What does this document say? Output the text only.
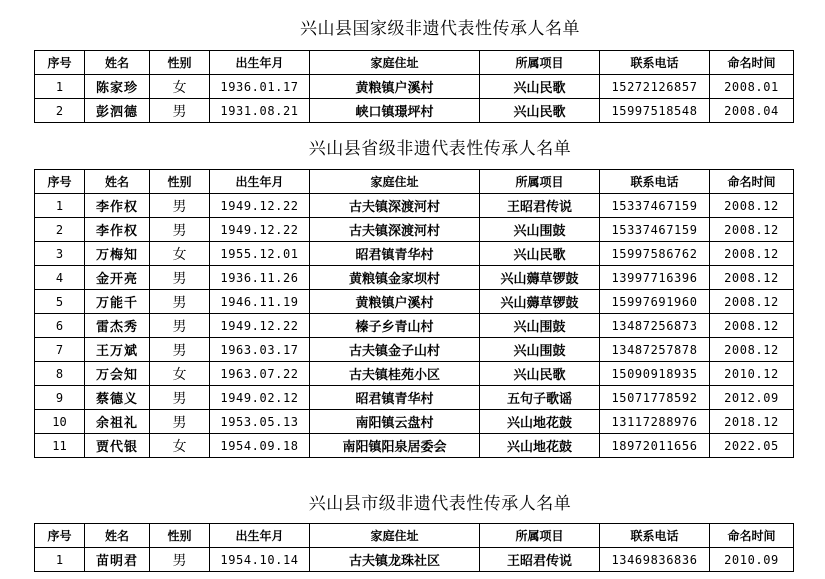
兴山县国家级非遗代表性传承人名单
序号	姓名	性别	出生年月	家庭住址	所属项目	联系电话	命名时间
1	陈家珍	女	1936.01.17	黄粮镇户溪村	兴山民歌	15272126857	2008.01
2	彭泗德	男	1931.08.21	峡口镇璟坪村	兴山民歌	15997518548	2008.04
兴山县省级非遗代表性传承人名单
序号	姓名	性别	出生年月	家庭住址	所属项目	联系电话	命名时间
1	李作权	男	1949.12.22	古夫镇深渡河村	王昭君传说	15337467159	2008.12
2	李作权	男	1949.12.22	古夫镇深渡河村	兴山围鼓	15337467159	2008.12
3	万梅知	女	1955.12.01	昭君镇青华村	兴山民歌	15997586762	2008.12
4	金开亮	男	1936.11.26	黄粮镇金家坝村	兴山薅草锣鼓	13997716396	2008.12
5	万能千	男	1946.11.19	黄粮镇户溪村	兴山薅草锣鼓	15997691960	2008.12
6	雷杰秀	男	1949.12.22	榛子乡青山村	兴山围鼓	13487256873	2008.12
7	王万斌	男	1963.03.17	古夫镇金子山村	兴山围鼓	13487257878	2008.12
8	万会知	女	1963.07.22	古夫镇桂苑小区	兴山民歌	15090918935	2010.12
9	蔡德义	男	1949.02.12	昭君镇青华村	五句子歌谣	15071778592	2012.09
10	余祖礼	男	1953.05.13	南阳镇云盘村	兴山地花鼓	13117288976	2018.12
11	贾代银	女	1954.09.18	南阳镇阳泉居委会	兴山地花鼓	18972011656	2022.05
兴山县市级非遗代表性传承人名单
序号	姓名	性别	出生年月	家庭住址	所属项目	联系电话	命名时间
1	苗明君	男	1954.10.14	古夫镇龙珠社区	王昭君传说	13469836836	2010.09
